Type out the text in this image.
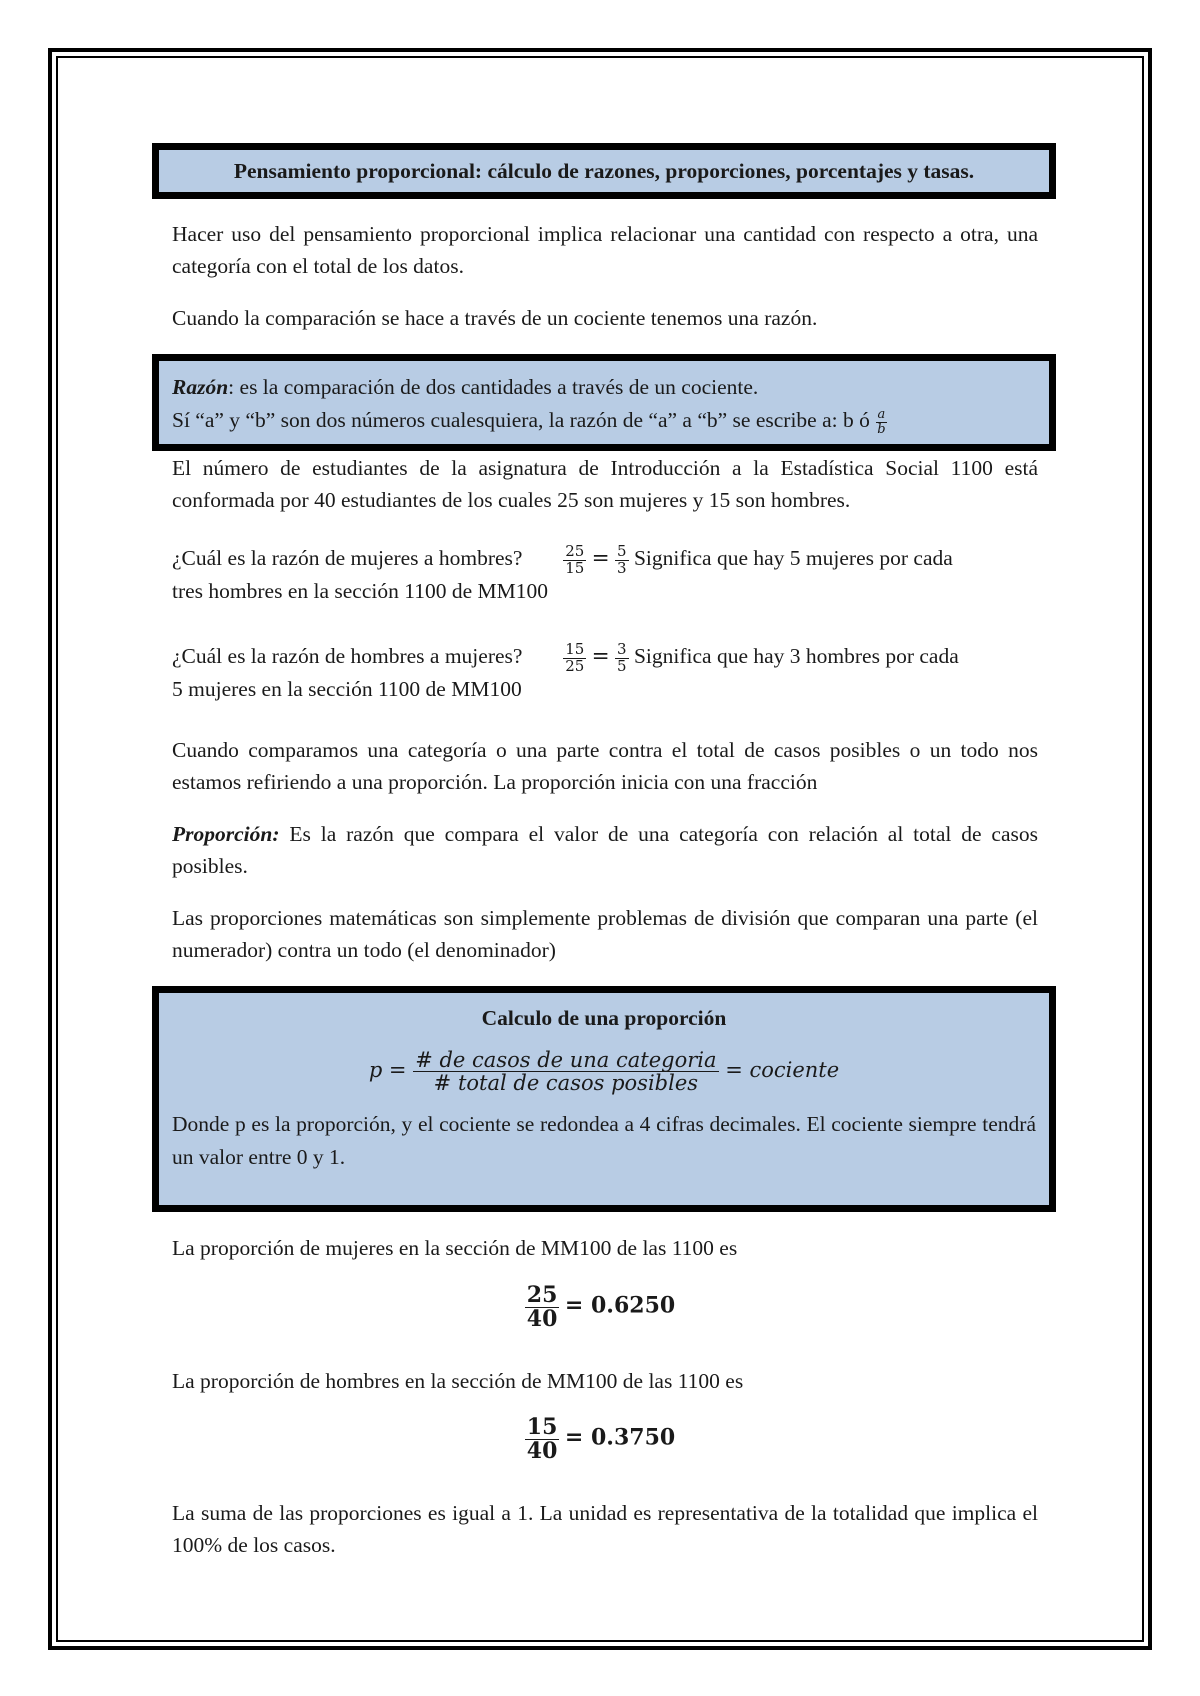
Pensamiento proporcional: cálculo de razones, proporciones, porcentajes y tasas.

Hacer uso del pensamiento proporcional implica relacionar una cantidad con respecto a otra, una categoría con el total de los datos.

Cuando la comparación se hace a través de un cociente tenemos una razón.

Razón: es la comparación de dos cantidades a través de un cociente.

Sí “a” y “b” son dos números cualesquiera, la razón de “a” a “b” se escribe a: b ó $\frac{a}{b}$

El número de estudiantes de la asignatura de Introducción a la Estadística Social 1100 está conformada por 40 estudiantes de los cuales 25 son mujeres y 15 son hombres.

¿Cuál es la razón de mujeres a hombres?	$\frac{25}{15} = \frac{5}{3}$ Significa que hay 5 mujeres por cada

tres hombres en la sección 1100 de MM100

¿Cuál es la razón de hombres a mujeres?	$\frac{15}{25} = \frac{3}{5}$ Significa que hay 3 hombres por cada

5 mujeres en la sección 1100 de MM100

Cuando comparamos una categoría o una parte contra el total de casos posibles o un todo nos estamos refiriendo a una proporción. La proporción inicia con una fracción

Proporción: Es la razón que compara el valor de una categoría con relación al total de casos posibles.

Las proporciones matemáticas son simplemente problemas de división que comparan una parte (el numerador) contra un todo (el denominador)

Calculo de una proporción
$p = \frac{\text{\# de casos de una categoria}}{\text{\# total de casos posibles}}$ = cociente

Donde p es la proporción, y el cociente se redondea a 4 cifras decimales. El cociente siempre tendrá un valor entre 0 y 1.

La proporción de mujeres en la sección de MM100 de las 1100 es

$\frac{25}{40} = 0.6250$

La proporción de hombres en la sección de MM100 de las 1100 es

$\frac{15}{40} = 0.3750$

La suma de las proporciones es igual a 1. La unidad es representativa de la totalidad que implica el 100% de los casos.
